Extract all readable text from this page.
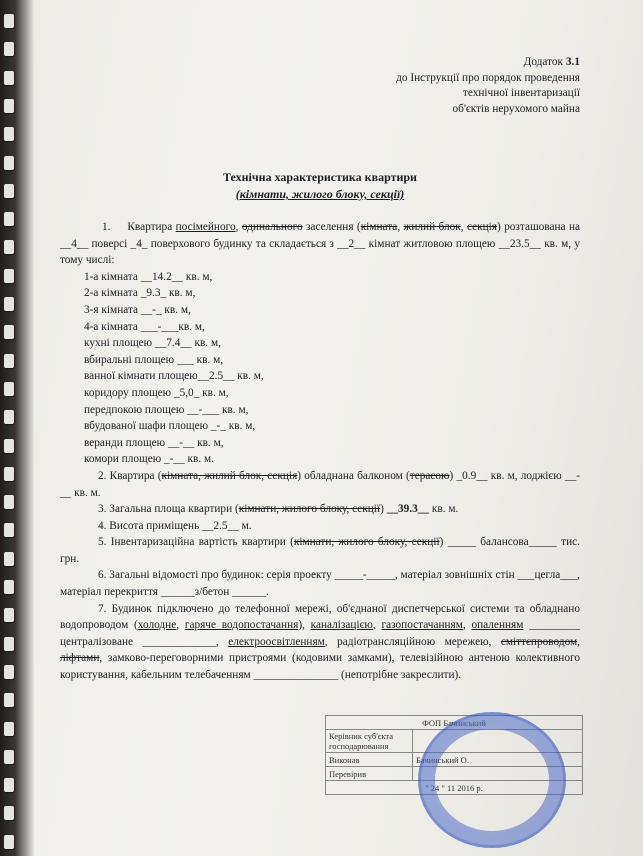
Додаток 3.1
до Інструкції про порядок проведення
технічної інвентаризації
об'єктів нерухомого майна
Технічна характеристика квартири
(кімнати, жилого блоку, секції)

1. Квартира посімейного, одинального заселення (кімната, жилий блок, секція) розташована на __4__ поверсі _4_ поверхового будинку та складається з __2__ кімнат житловою площею __23.5__ кв. м, у тому числі:

1-а кімната __14.2__ кв. м,
2-а кімната _9.3_ кв. м,
3-я кімната __-_ кв. м,
4-а кімната ___-___кв. м,
кухні площею __7.4__ кв. м,
вбиральні площею ___ кв. м,
ванної кімнати площею__2.5__ кв. м,
коридору площею _5,0_ кв. м,
передпокою площею __-___ кв. м,
вбудованої шафи площею _-_ кв. м,
веранди площею __-__ кв. м,
комори площею _-__ кв. м.

2. Квартира (кімната, жилий блок, секція) обладнана балконом (терасою) _0.9__ кв. м, лоджією __-__ кв. м.

3. Загальна площа квартири (кімнати, жилого блоку, секції) __39.3__ кв. м.

4. Висота приміщень __2.5__ м.

5. Інвентаризаційна вартість квартири (кімнати, жилого блоку, секції) _____ балансова_____ тис. грн.

6. Загальні відомості про будинок: серія проекту _____-_____, матеріал зовнішніх стін ___цегла___, матеріал перекриття ______з/бетон ______.

7. Будинок підключено до телефонної мережі, об'єднаної диспетчерської системи та обладнано водопроводом (холодне, гаряче водопостачання), каналізацією, газопостачанням, опаленням _________ централізоване _____________, електроосвітленням, радіотрансляційною мережею, сміттєпроводом, ліфтами, замково-переговорними пристроями (кодовими замками), телевізійною антеною колективного користування, кабельним телебаченням _______________ (непотрібне закреслити).

ФОП Бачинський	
Керівник суб'єкта господарювання	
Виконав	Бачинський О.
Перевірив	
" 24 " 11 2016 р.	
